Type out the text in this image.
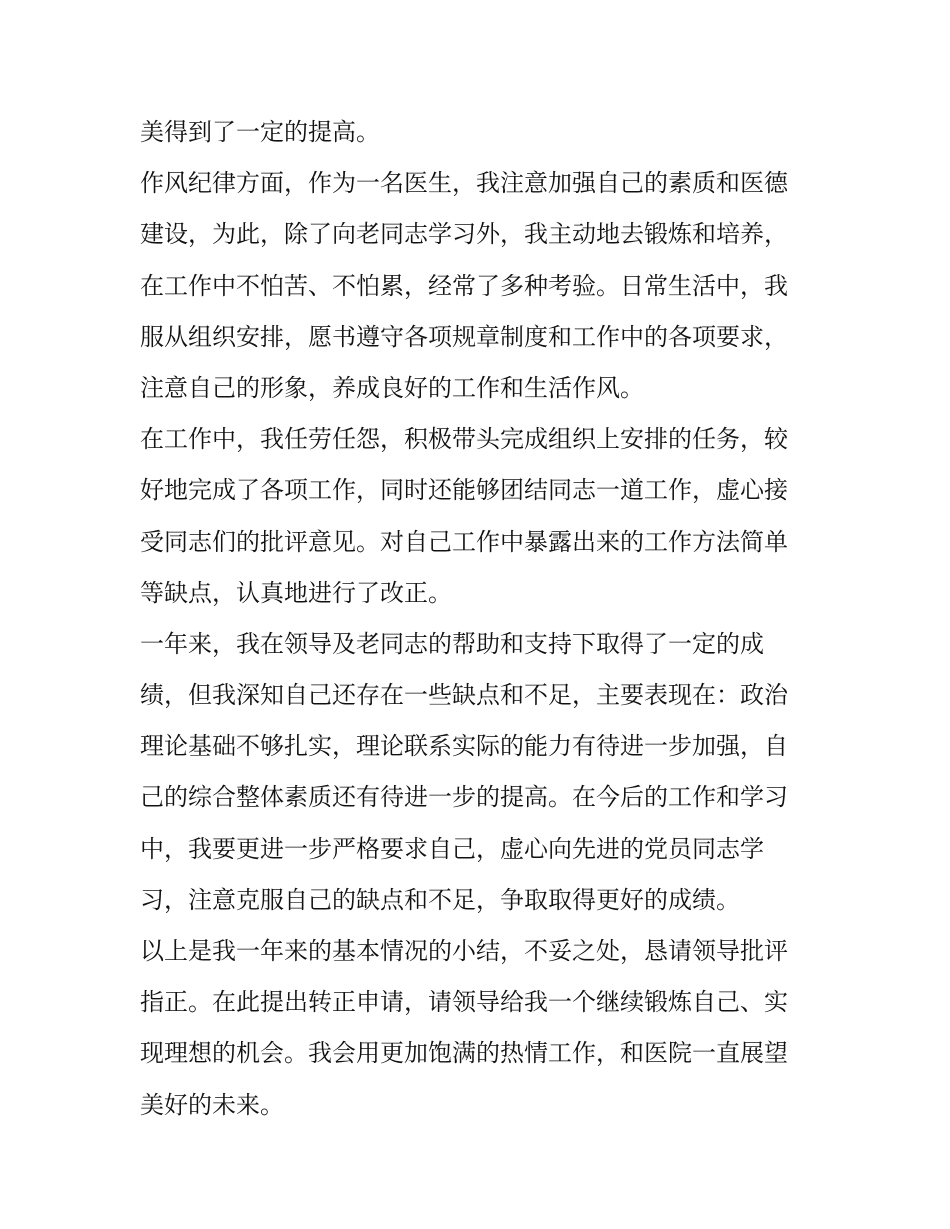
美得到了一定的提高。
作风纪律方面，作为一名医生，我注意加强自己的素质和医德
建设，为此，除了向老同志学习外，我主动地去锻炼和培养，
在工作中不怕苦、不怕累，经常了多种考验。日常生活中，我
服从组织安排，愿书遵守各项规章制度和工作中的各项要求，
注意自己的形象，养成良好的工作和生活作风。
在工作中，我任劳任怨，积极带头完成组织上安排的任务，较
好地完成了各项工作，同时还能够团结同志一道工作，虚心接
受同志们的批评意见。对自己工作中暴露出来的工作方法简单
等缺点，认真地进行了改正。
一年来，我在领导及老同志的帮助和支持下取得了一定的成
绩，但我深知自己还存在一些缺点和不足，主要表现在：政治
理论基础不够扎实，理论联系实际的能力有待进一步加强，自
己的综合整体素质还有待进一步的提高。在今后的工作和学习
中，我要更进一步严格要求自己，虚心向先进的党员同志学
习，注意克服自己的缺点和不足，争取取得更好的成绩。
以上是我一年来的基本情况的小结，不妥之处，恳请领导批评
指正。在此提出转正申请，请领导给我一个继续锻炼自己、实
现理想的机会。我会用更加饱满的热情工作，和医院一直展望
美好的未来。
